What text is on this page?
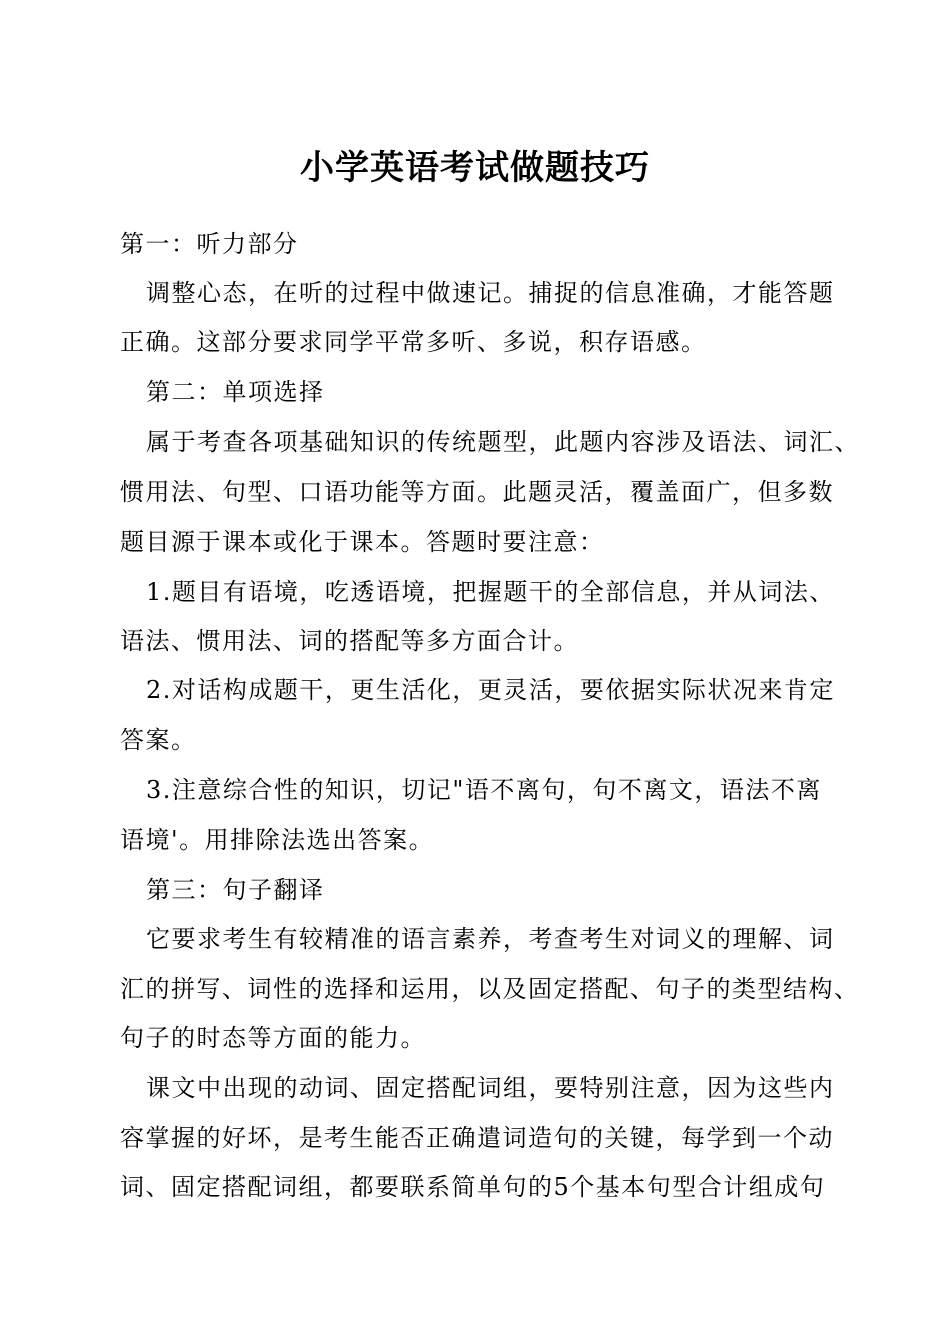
小学英语考试做题技巧
第一：听力部分
调整心态，在听的过程中做速记。捕捉的信息准确，才能答题
正确。这部分要求同学平常多听、多说，积存语感。
第二：单项选择
属于考查各项基础知识的传统题型，此题内容涉及语法、词汇、
惯用法、句型、口语功能等方面。此题灵活，覆盖面广，但多数
题目源于课本或化于课本。答题时要注意：
1.题目有语境，吃透语境，把握题干的全部信息，并从词法、
语法、惯用法、词的搭配等多方面合计。
2.对话构成题干，更生活化，更灵活，要依据实际状况来肯定
答案。
3.注意综合性的知识，切记"语不离句，句不离文，语法不离
语境'。用排除法选出答案。
第三：句子翻译
它要求考生有较精准的语言素养，考查考生对词义的理解、词
汇的拼写、词性的选择和运用，以及固定搭配、句子的类型结构、
句子的时态等方面的能力。
课文中出现的动词、固定搭配词组，要特别注意，因为这些内
容掌握的好坏，是考生能否正确遣词造句的关键，每学到一个动
词、固定搭配词组，都要联系简单句的5个基本句型合计组成句
